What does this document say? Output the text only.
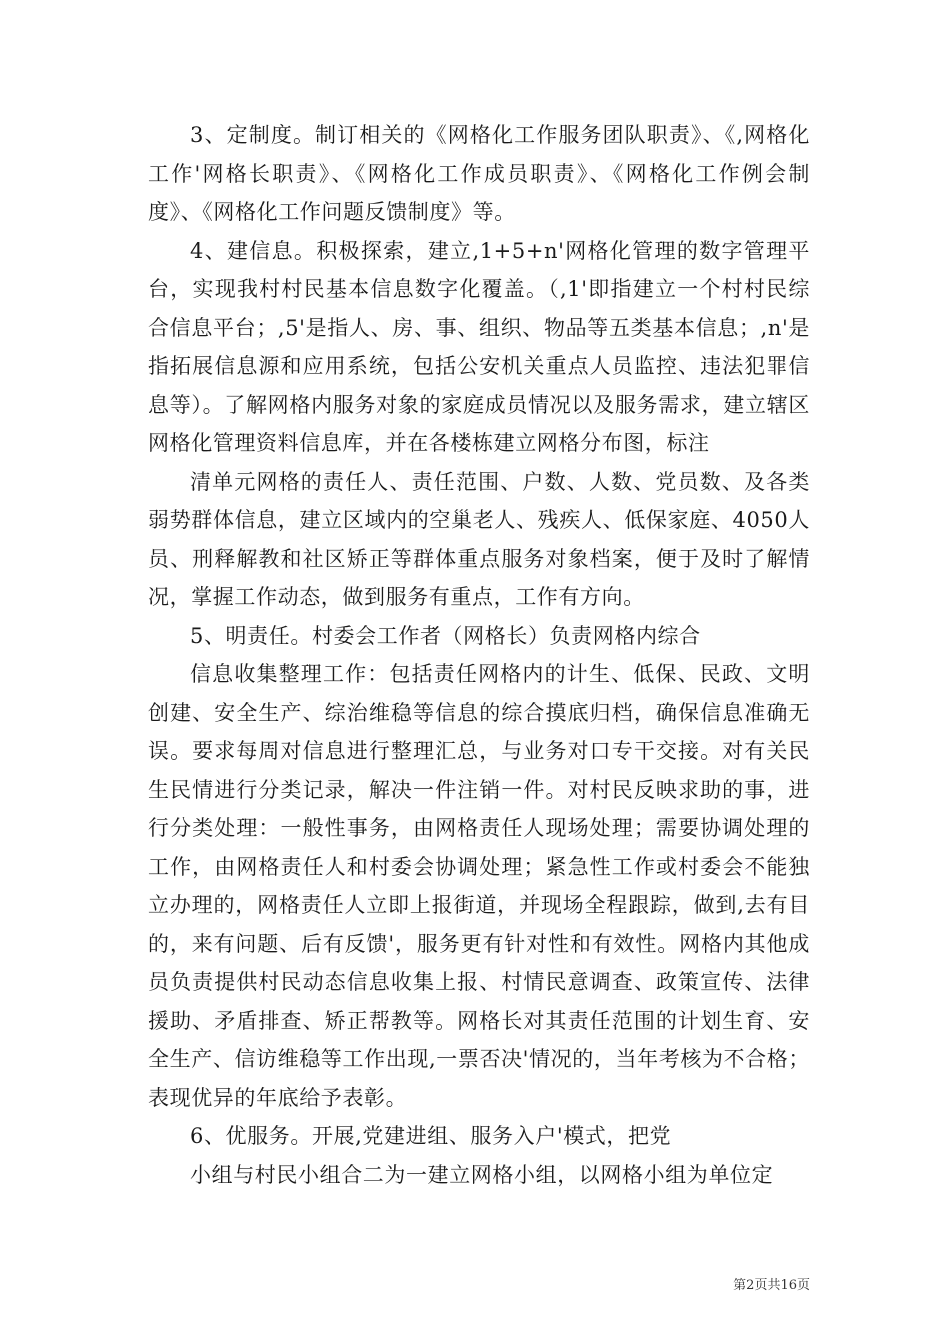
3、定制度。制订相关的《网格化工作服务团队职责》、《,网格化工作'网格长职责》、《网格化工作成员职责》、《网格化工作例会制度》、《网格化工作问题反馈制度》等。

4、建信息。积极探索，建立,1+5+n'网格化管理的数字管理平台，实现我村村民基本信息数字化覆盖。（,1'即指建立一个村村民综合信息平台；,5'是指人、房、事、组织、物品等五类基本信息；,n'是指拓展信息源和应用系统，包括公安机关重点人员监控、违法犯罪信息等）。了解网格内服务对象的家庭成员情况以及服务需求，建立辖区网格化管理资料信息库，并在各楼栋建立网格分布图，标注

清单元网格的责任人、责任范围、户数、人数、党员数、及各类弱势群体信息，建立区域内的空巢老人、残疾人、低保家庭、4050人员、刑释解教和社区矫正等群体重点服务对象档案，便于及时了解情况，掌握工作动态，做到服务有重点，工作有方向。

5、明责任。村委会工作者（网格长）负责网格内综合

信息收集整理工作：包括责任网格内的计生、低保、民政、文明创建、安全生产、综治维稳等信息的综合摸底归档，确保信息准确无误。要求每周对信息进行整理汇总，与业务对口专干交接。对有关民生民情进行分类记录，解决一件注销一件。对村民反映求助的事，进行分类处理：一般性事务，由网格责任人现场处理；需要协调处理的工作，由网格责任人和村委会协调处理；紧急性工作或村委会不能独立办理的，网格责任人立即上报街道，并现场全程跟踪，做到,去有目的，来有问题、后有反馈'，服务更有针对性和有效性。网格内其他成员负责提供村民动态信息收集上报、村情民意调查、政策宣传、法律援助、矛盾排查、矫正帮教等。网格长对其责任范围的计划生育、安全生产、信访维稳等工作出现,一票否决'情况的，当年考核为不合格；表现优异的年底给予表彰。

6、优服务。开展,党建进组、服务入户'模式，把党

小组与村民小组合二为一建立网格小组，以网格小组为单位定

第2页共16页
